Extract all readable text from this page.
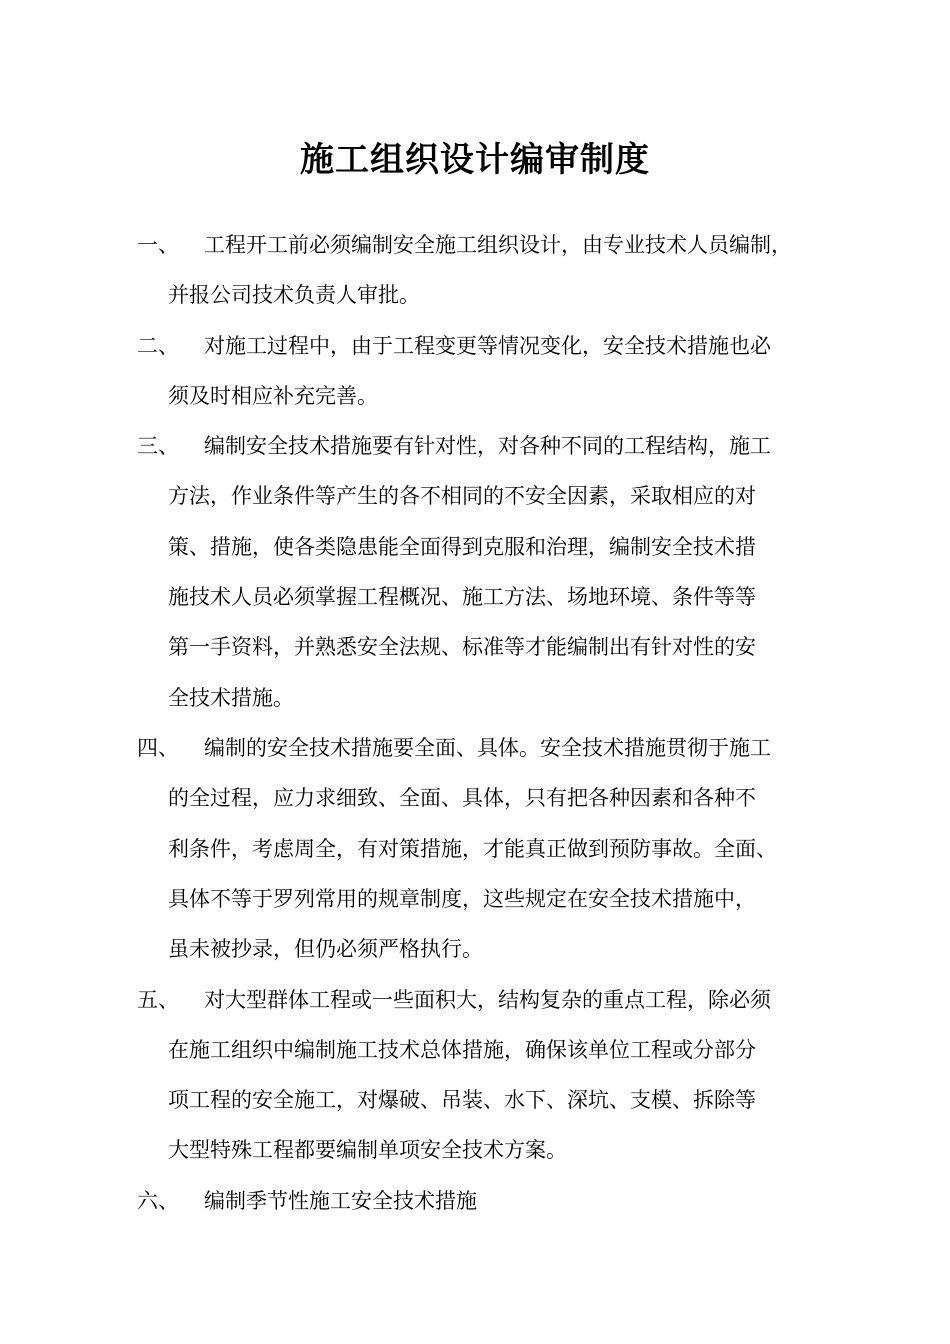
施工组织设计编审制度
一、 工程开工前必须编制安全施工组织设计，由专业技术人员编制，
并报公司技术负责人审批。
二、 对施工过程中，由于工程变更等情况变化，安全技术措施也必
须及时相应补充完善。
三、 编制安全技术措施要有针对性，对各种不同的工程结构，施工
方法，作业条件等产生的各不相同的不安全因素，采取相应的对
策、措施，使各类隐患能全面得到克服和治理，编制安全技术措
施技术人员必须掌握工程概况、施工方法、场地环境、条件等等
第一手资料，并熟悉安全法规、标准等才能编制出有针对性的安
全技术措施。
四、 编制的安全技术措施要全面、具体。安全技术措施贯彻于施工
的全过程，应力求细致、全面、具体，只有把各种因素和各种不
利条件，考虑周全，有对策措施，才能真正做到预防事故。全面、
具体不等于罗列常用的规章制度，这些规定在安全技术措施中，
虽未被抄录，但仍必须严格执行。
五、 对大型群体工程或一些面积大，结构复杂的重点工程，除必须
在施工组织中编制施工技术总体措施，确保该单位工程或分部分
项工程的安全施工，对爆破、吊装、水下、深坑、支模、拆除等
大型特殊工程都要编制单项安全技术方案。
六、 编制季节性施工安全技术措施
